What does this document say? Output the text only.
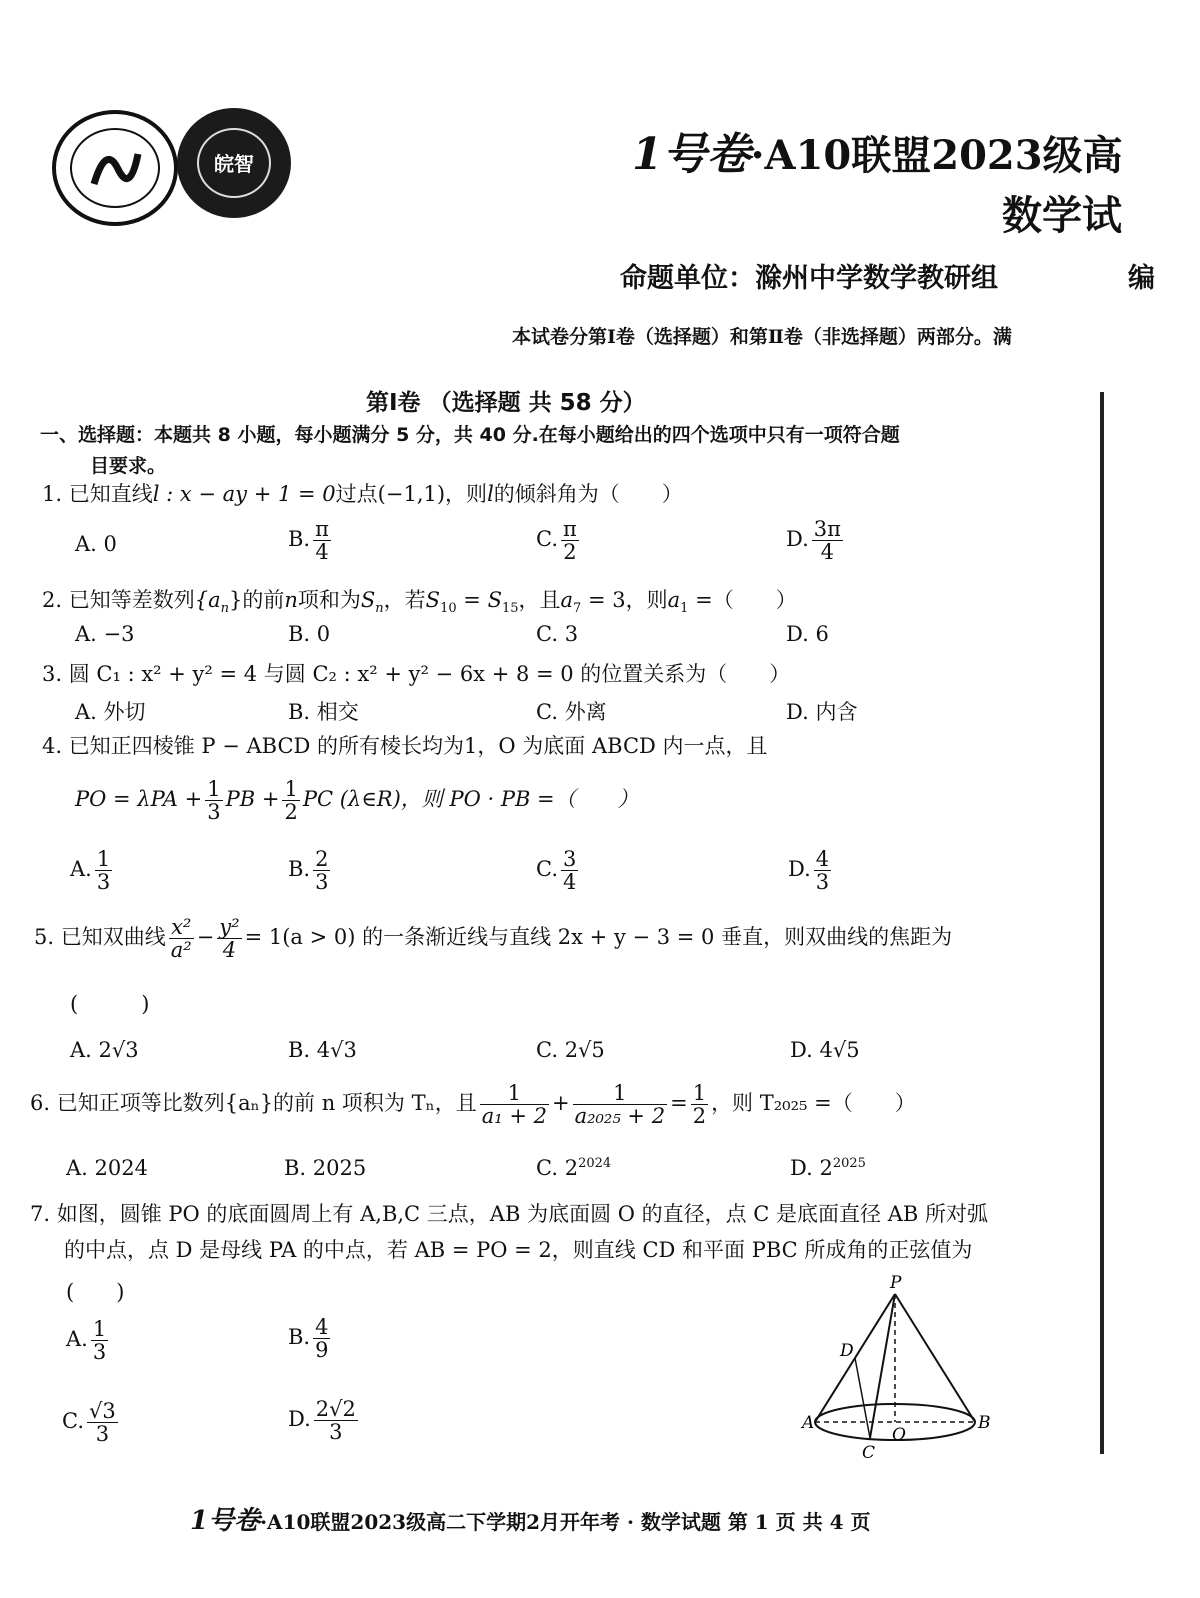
皖智	1号卷·A10联盟2023级高
数学试
命题单位：滁州中学数学教研组	编
本试卷分第Ⅰ卷（选择题）和第Ⅱ卷（非选择题）两部分。满
第Ⅰ卷 （选择题 共 58 分）
一、选择题：本题共 8 小题，每小题满分 5 分，共 40 分.在每小题给出的四个选项中只有一项符合题
目要求。
1. 已知直线l : x − ay + 1 = 0过点(−1,1)，则l的倾斜角为（　　）
A. 0	B. $\frac{\pi}{4}$	C. $\frac{\pi}{2}$	D. $\frac{3\pi}{4}$
2. 已知等差数列$\{a_n\}$的前n项和为$S_n$，若$S_{10} = S_{15}$，且$a_7 = 3$，则$a_1$ =（　　）
A. −3	B. 0	C. 3	D. 6
3. 圆 C₁ : x² + y² = 4 与圆 C₂ : x² + y² − 6x + 8 = 0 的位置关系为（　　）
A. 外切	B. 相交	C. 外离	D. 内含
4. 已知正四棱锥 P − ABCD 的所有棱长均为1，O 为底面 ABCD 内一点，且
PO = $\lambda PA + \frac{1}{3}$ PB + $\frac{1}{2}$ PC (λ∈R)，则 PO · PB =（　　）
A. $\frac{1}{3}$	B. $\frac{2}{3}$	C. $\frac{3}{4}$	D. $\frac{4}{3}$
5. 已知双曲线 $\frac{\text{x²}}{\text{a²}} - \frac{\text{y²}}{4} = 1(a > 0)$ 的一条渐近线与直线 2x + y − 3 = 0 垂直，则双曲线的焦距为
(　　　)
A. 2√3	B. 4√3	C. 2√5	D. 4√5
6. 已知正项等比数列{aₙ}的前 n 项积为 Tₙ，且 $\frac{1}{\text{a₁ + 2}} + \frac{1}{\text{a₂₀₂₅ + 2}} = \frac{1}{2}$ ，则 T₂₀₂₅ =（　　）
A. 2024	B. 2025	C. $2^{2024}$	D. $2^{2025}$
7. 如图，圆锥 PO 的底面圆周上有 A,B,C 三点，AB 为底面圆 O 的直径，点 C 是底面直径 AB 所对弧
的中点，点 D 是母线 PA 的中点，若 AB = PO = 2，则直线 CD 和平面 PBC 所成角的正弦值为
(　　)
A. $\frac{1}{3}$	B. $\frac{4}{9}$
C. $\frac{√3}{3}$	D. $\frac{2√2}{3}$
P
D
A
O
B
C
1号卷·A10联盟2023级高二下学期2月开年考 · 数学试题 第 1 页 共 4 页
